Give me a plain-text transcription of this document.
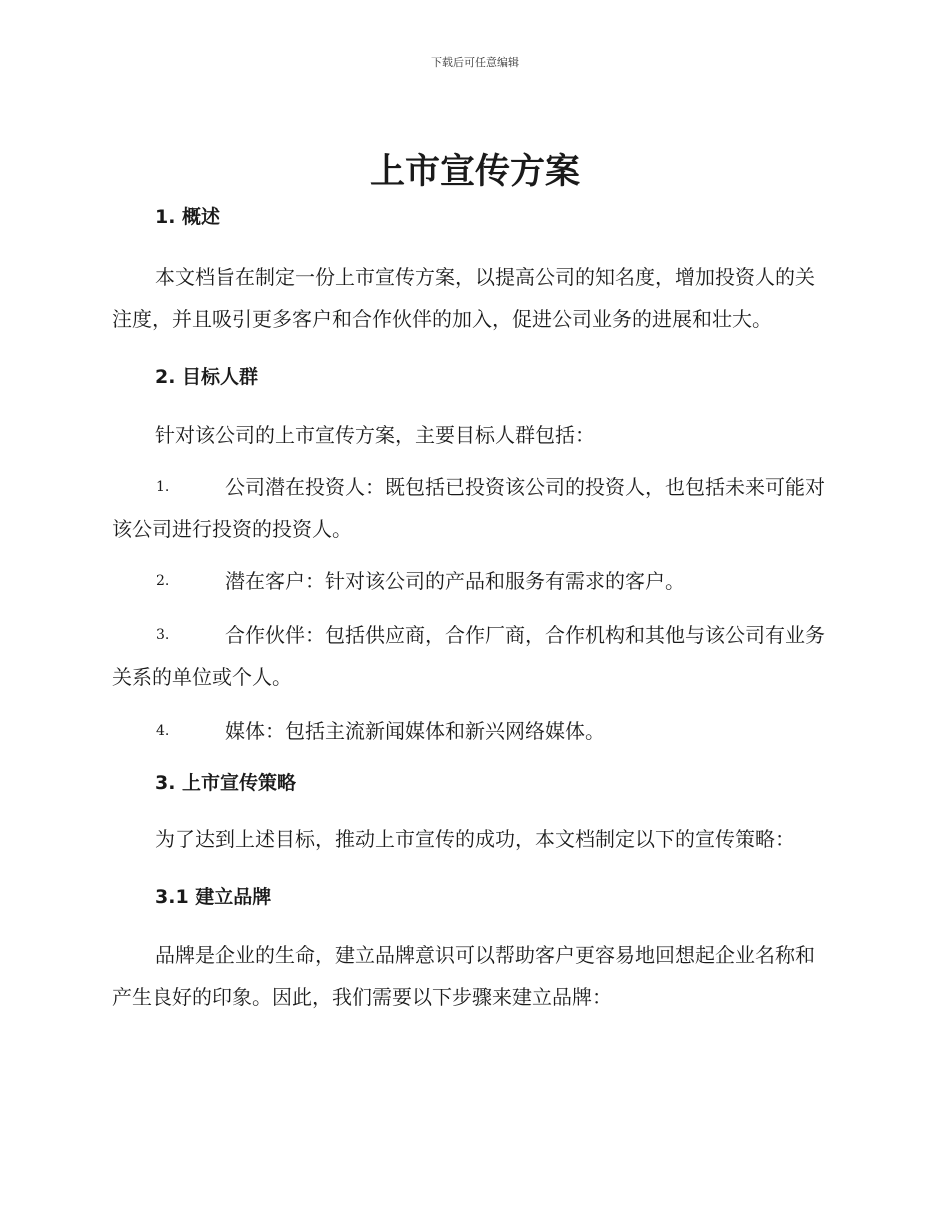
下载后可任意编辑
上市宣传方案
1. 概述

本文档旨在制定一份上市宣传方案，以提高公司的知名度，增加投资人的关注度，并且吸引更多客户和合作伙伴的加入，促进公司业务的进展和壮大。

2. 目标人群

针对该公司的上市宣传方案，主要目标人群包括：

1.	公司潜在投资人：既包括已投资该公司的投资人，也包括未来可能对该公司进行投资的投资人。
2.	潜在客户：针对该公司的产品和服务有需求的客户。
3.	合作伙伴：包括供应商，合作厂商，合作机构和其他与该公司有业务关系的单位或个人。
4.	媒体：包括主流新闻媒体和新兴网络媒体。
3. 上市宣传策略

为了达到上述目标，推动上市宣传的成功，本文档制定以下的宣传策略：

3.1 建立品牌

品牌是企业的生命，建立品牌意识可以帮助客户更容易地回想起企业名称和产生良好的印象。因此，我们需要以下步骤来建立品牌：
